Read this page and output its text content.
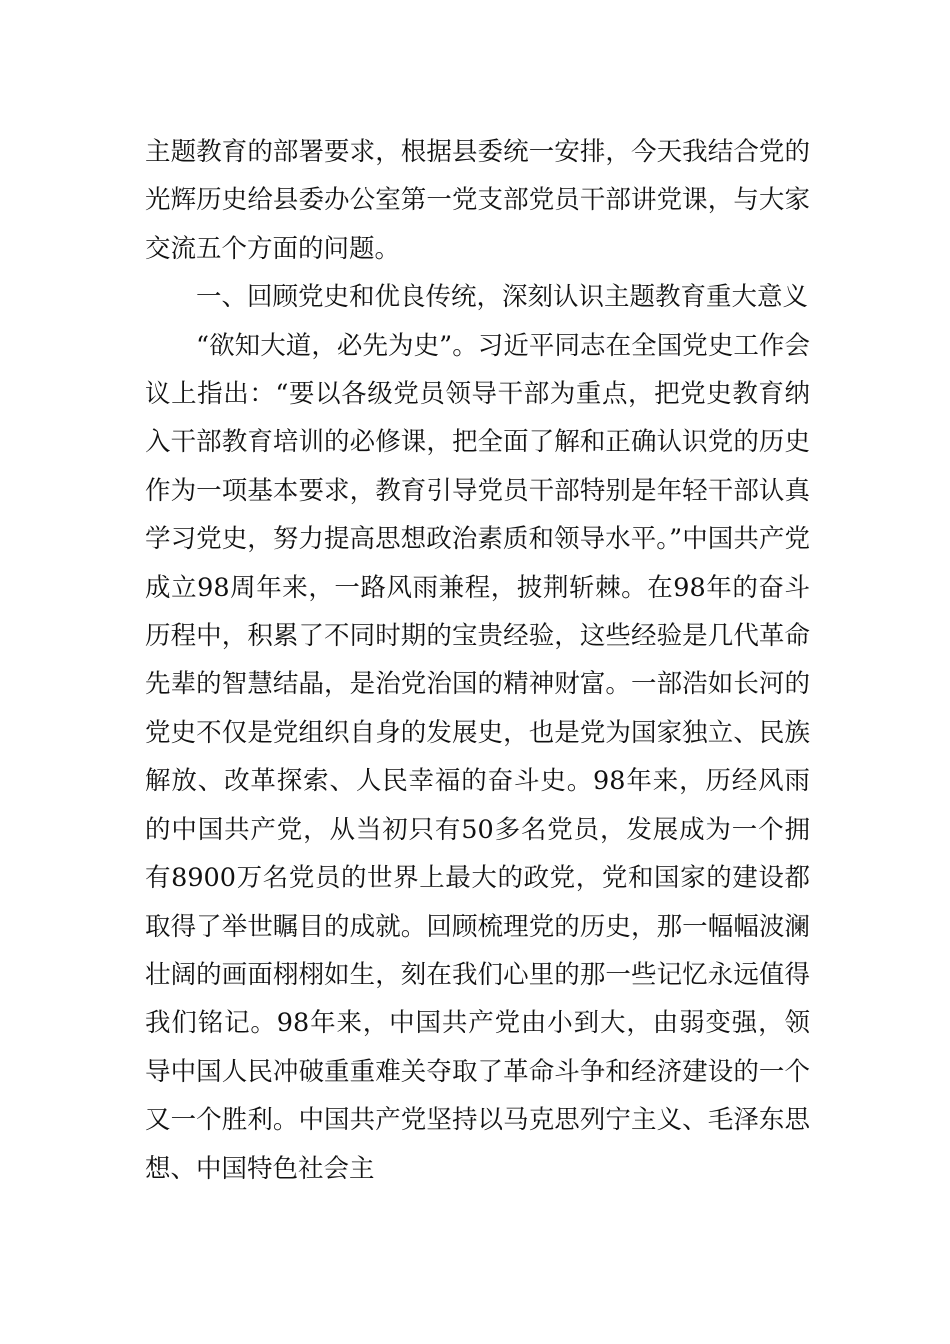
主题教育的部署要求，根据县委统一安排，今天我结合党的光辉历史给县委办公室第一党支部党员干部讲党课，与大家交流五个方面的问题。

一、回顾党史和优良传统，深刻认识主题教育重大意义

“欲知大道，必先为史”。习近平同志在全国党史工作会议上指出：“要以各级党员领导干部为重点，把党史教育纳入干部教育培训的必修课，把全面了解和正确认识党的历史作为一项基本要求，教育引导党员干部特别是年轻干部认真学习党史，努力提高思想政治素质和领导水平。”中国共产党成立98周年来，一路风雨兼程，披荆斩棘。在98年的奋斗历程中，积累了不同时期的宝贵经验，这些经验是几代革命先辈的智慧结晶，是治党治国的精神财富。一部浩如长河的党史不仅是党组织自身的发展史，也是党为国家独立、民族解放、改革探索、人民幸福的奋斗史。98年来，历经风雨的中国共产党，从当初只有50多名党员，发展成为一个拥有8900万名党员的世界上最大的政党，党和国家的建设都取得了举世瞩目的成就。回顾梳理党的历史，那一幅幅波澜壮阔的画面栩栩如生，刻在我们心里的那一些记忆永远值得我们铭记。98年来，中国共产党由小到大，由弱变强，领导中国人民冲破重重难关夺取了革命斗争和经济建设的一个又一个胜利。中国共产党坚持以马克思列宁主义、毛泽东思想、中国特色社会主
